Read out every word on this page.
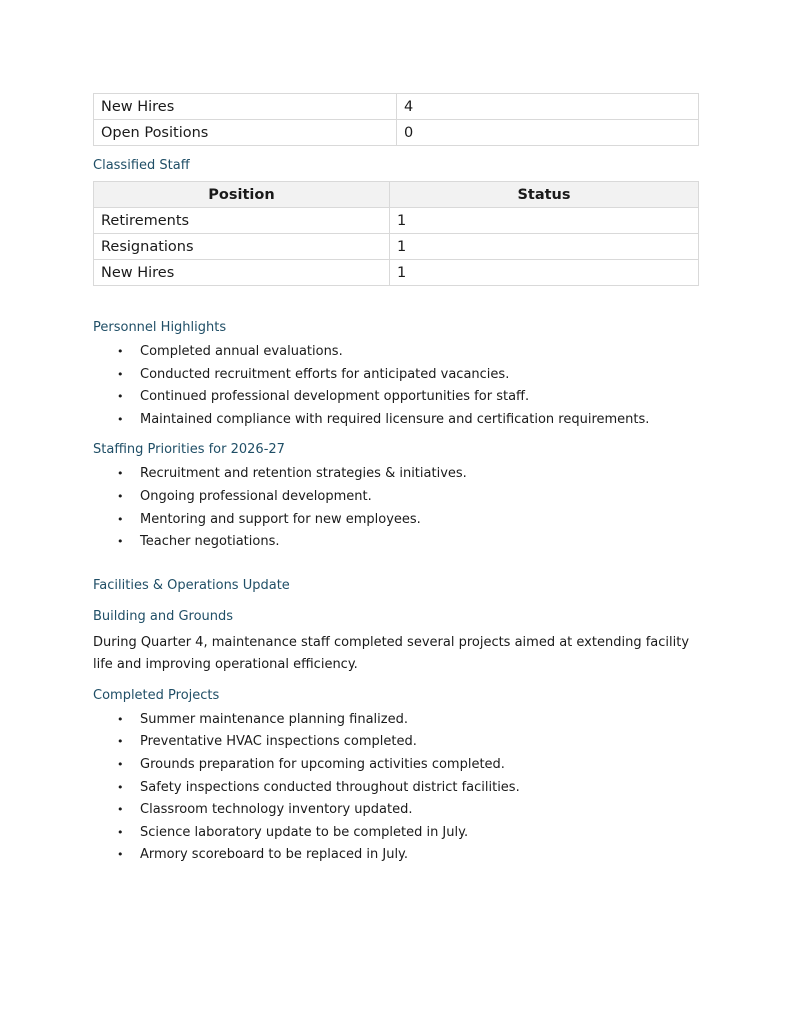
New Hires	4
Open Positions	0
Classified Staff
Position	Status
Retirements	1
Resignations	1
New Hires	1
Personnel Highlights
• Completed annual evaluations.
• Conducted recruitment efforts for anticipated vacancies.
• Continued professional development opportunities for staff.
• Maintained compliance with required licensure and certification requirements.
Staffing Priorities for 2026-27
• Recruitment and retention strategies & initiatives.
• Ongoing professional development.
• Mentoring and support for new employees.
• Teacher negotiations.
Facilities & Operations Update
Building and Grounds

During Quarter 4, maintenance staff completed several projects aimed at extending facility life and improving operational efficiency.

Completed Projects
• Summer maintenance planning finalized.
• Preventative HVAC inspections completed.
• Grounds preparation for upcoming activities completed.
• Safety inspections conducted throughout district facilities.
• Classroom technology inventory updated.
• Science laboratory update to be completed in July.
• Armory scoreboard to be replaced in July.
